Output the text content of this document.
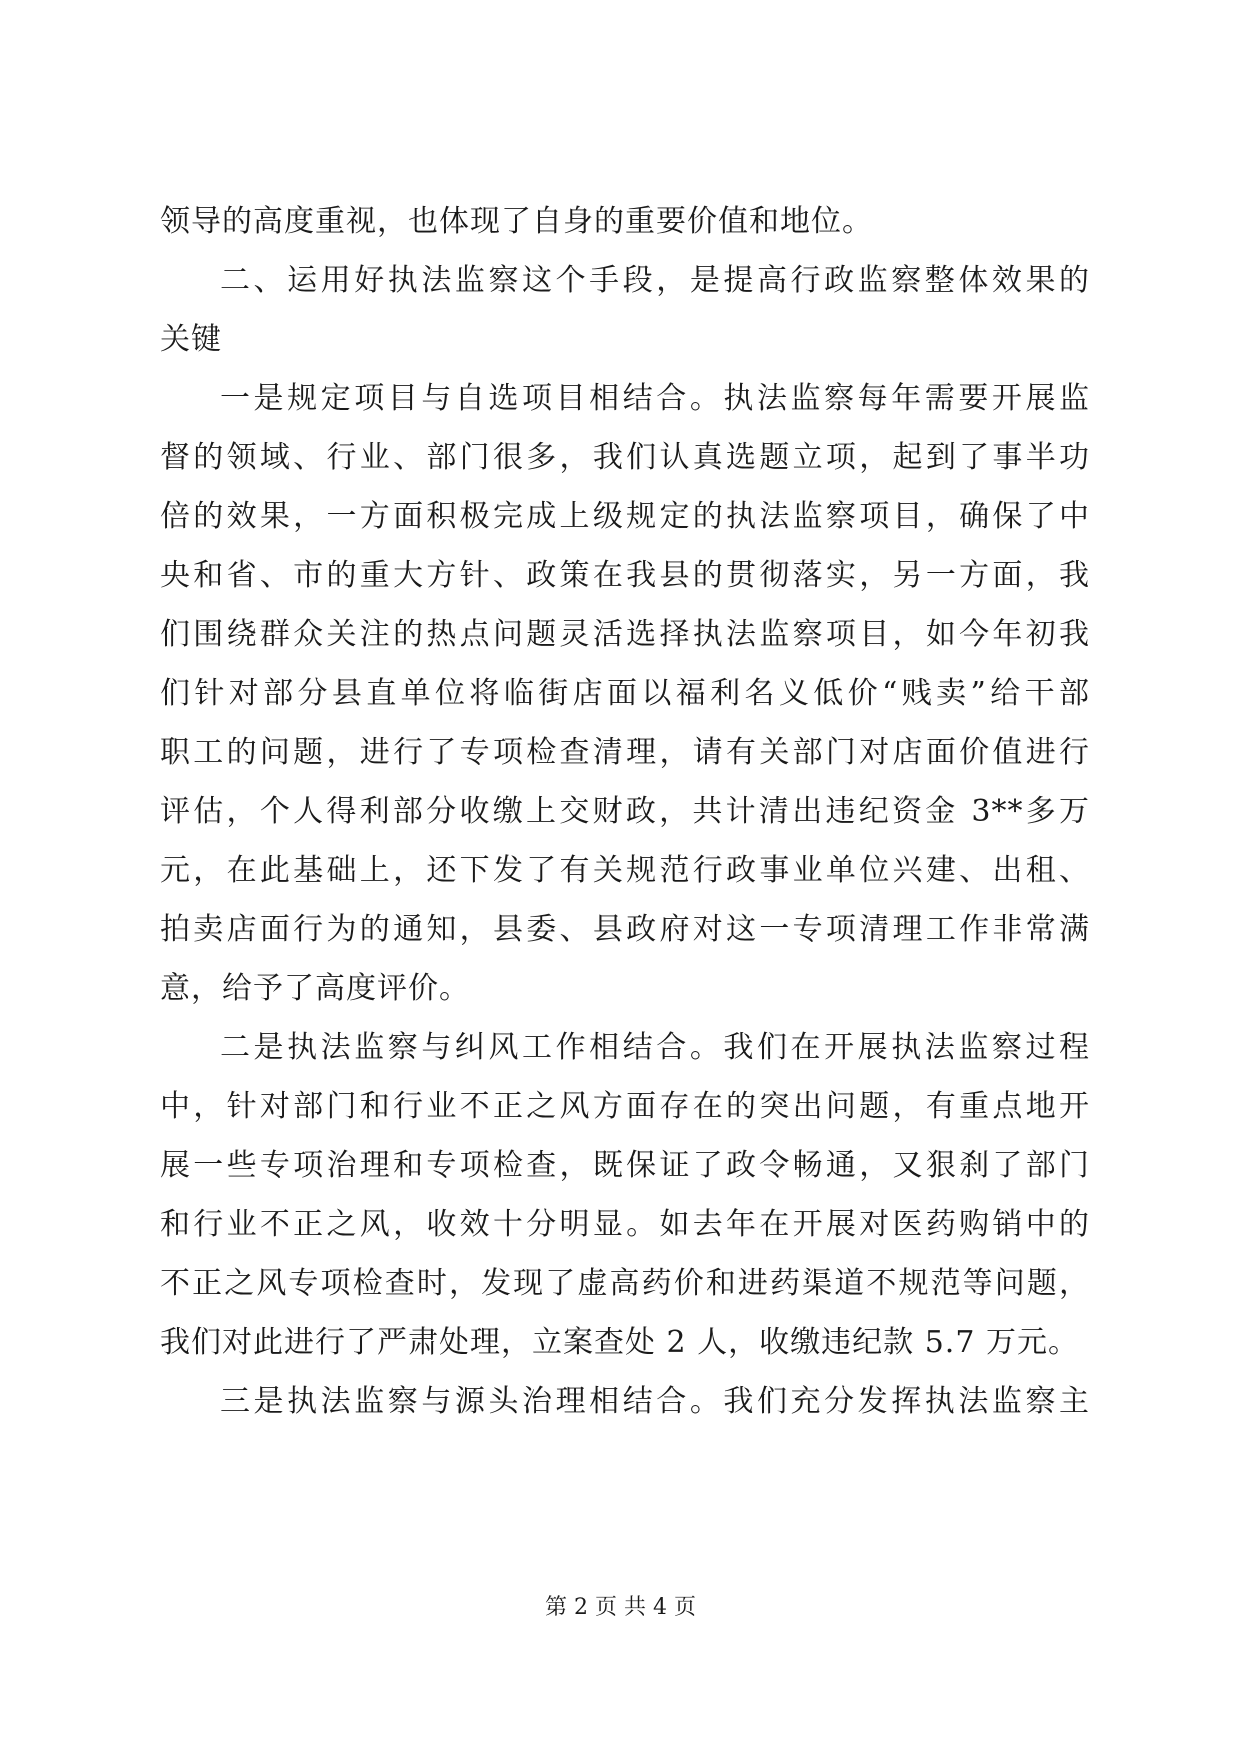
领导的高度重视，也体现了自身的重要价值和地位。
二、运用好执法监察这个手段，是提高行政监察整体效果的
关键
一是规定项目与自选项目相结合。执法监察每年需要开展监
督的领域、行业、部门很多，我们认真选题立项，起到了事半功
倍的效果，一方面积极完成上级规定的执法监察项目，确保了中
央和省、市的重大方针、政策在我县的贯彻落实，另一方面，我
们围绕群众关注的热点问题灵活选择执法监察项目，如今年初我
们针对部分县直单位将临街店面以福利名义低价“贱卖”给干部
职工的问题，进行了专项检查清理，请有关部门对店面价值进行
评估，个人得利部分收缴上交财政，共计清出违纪资金 3**多万
元，在此基础上，还下发了有关规范行政事业单位兴建、出租、
拍卖店面行为的通知，县委、县政府对这一专项清理工作非常满
意，给予了高度评价。
二是执法监察与纠风工作相结合。我们在开展执法监察过程
中，针对部门和行业不正之风方面存在的突出问题，有重点地开
展一些专项治理和专项检查，既保证了政令畅通，又狠刹了部门
和行业不正之风，收效十分明显。如去年在开展对医药购销中的
不正之风专项检查时，发现了虚高药价和进药渠道不规范等问题，
我们对此进行了严肃处理，立案查处 2 人，收缴违纪款 5.7 万元。
三是执法监察与源头治理相结合。我们充分发挥执法监察主
第 2 页 共 4 页
